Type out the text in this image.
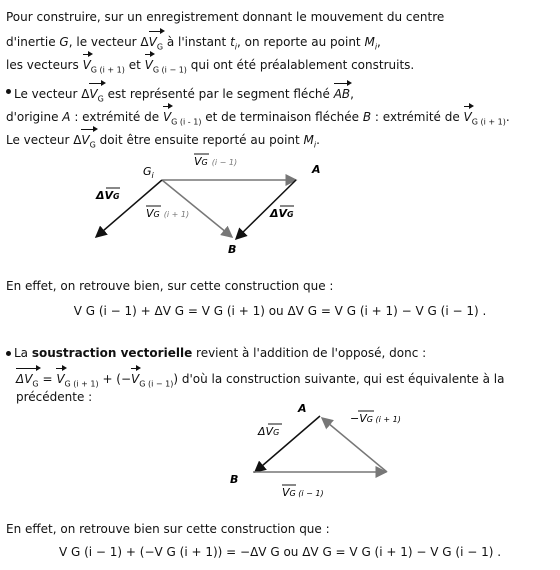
Pour construire, sur un enregistrement donnant le mouvement du centre
d'inertie G, le vecteur $\Delta V_G$ à l'instant $t_i$, on reporte au point $M_i$,
les vecteurs $V_{G (i + 1)}$ et $V_{G (i - 1)}$ qui ont été préalablement construits.
Le vecteur $\Delta V_G$ est représenté par le segment fléché AB,
d'origine A : extrémité de $V_{G (i - 1)}$ et de terminaison fléchée B : extrémité de $V_{G (i + 1)}$.
Le vecteur $\Delta V_G$ doit être ensuite reporté au point $M_i$.
$G_i$	A
B
VG (i − 1)
VG (i + 1)
ΔVG
ΔVG
En effet, on retrouve bien, sur cette construction que :
V G (i − 1) + ΔV G = V G (i + 1) ou ΔV G = V G (i + 1) − V G (i − 1) .
La soustraction vectorielle revient à l'addition de l'opposé, donc :
$\Delta V_G = V_{G (i + 1)} + (-V_{G (i - 1)})$ d'où la construction suivante, qui est équivalente à la
précédente :
A
B
ΔVG
−VG (i + 1)
VG (i − 1)
En effet, on retrouve bien sur cette construction que :
V G (i − 1) + (−V G (i + 1)) = −ΔV G ou ΔV G = V G (i + 1) − V G (i − 1) .
